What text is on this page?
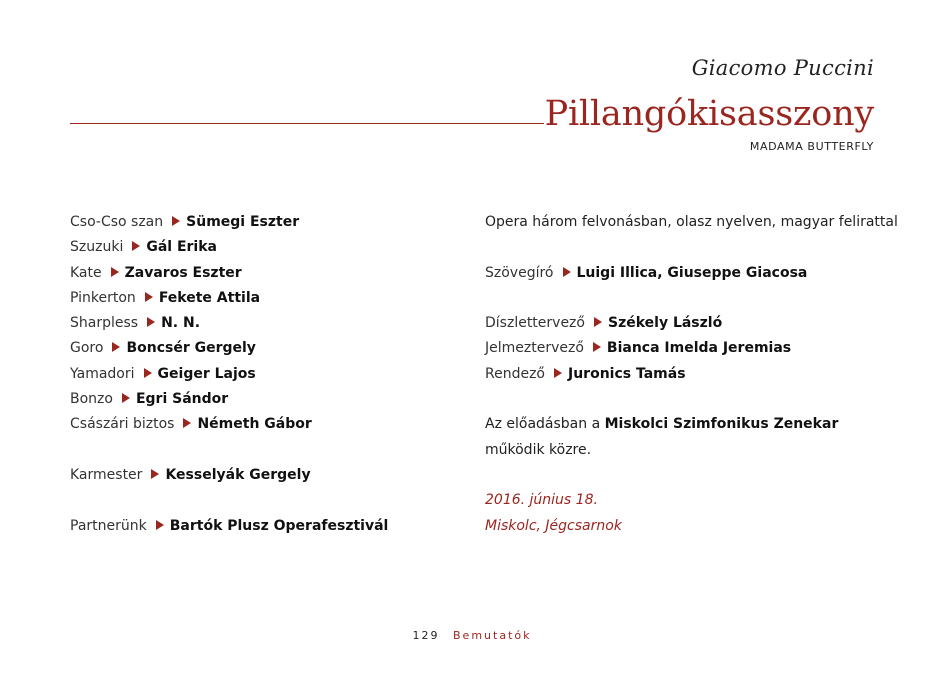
Giacomo Puccini
Pillangókisasszony
MADAMA BUTTERFLY
Cso-Cso szan Sümegi Eszter
Szuzuki Gál Erika
Kate Zavaros Eszter
Pinkerton Fekete Attila
Sharpless N. N.
Goro Boncsér Gergely
Yamadori Geiger Lajos
Bonzo Egri Sándor
Császári biztos Németh Gábor
Karmester Kesselyák Gergely
Partnerünk Bartók Plusz Operafesztivál
Opera három felvonásban, olasz nyelven, magyar felirattal
Szövegíró Luigi Illica, Giuseppe Giacosa
Díszlettervező Székely László
Jelmeztervező Bianca Imelda Jeremias
Rendező Juronics Tamás
Az előadásban a Miskolci Szimfonikus Zenekar működik közre.
2016. június 18.
Miskolc, Jégcsarnok
129 Bemutatók
